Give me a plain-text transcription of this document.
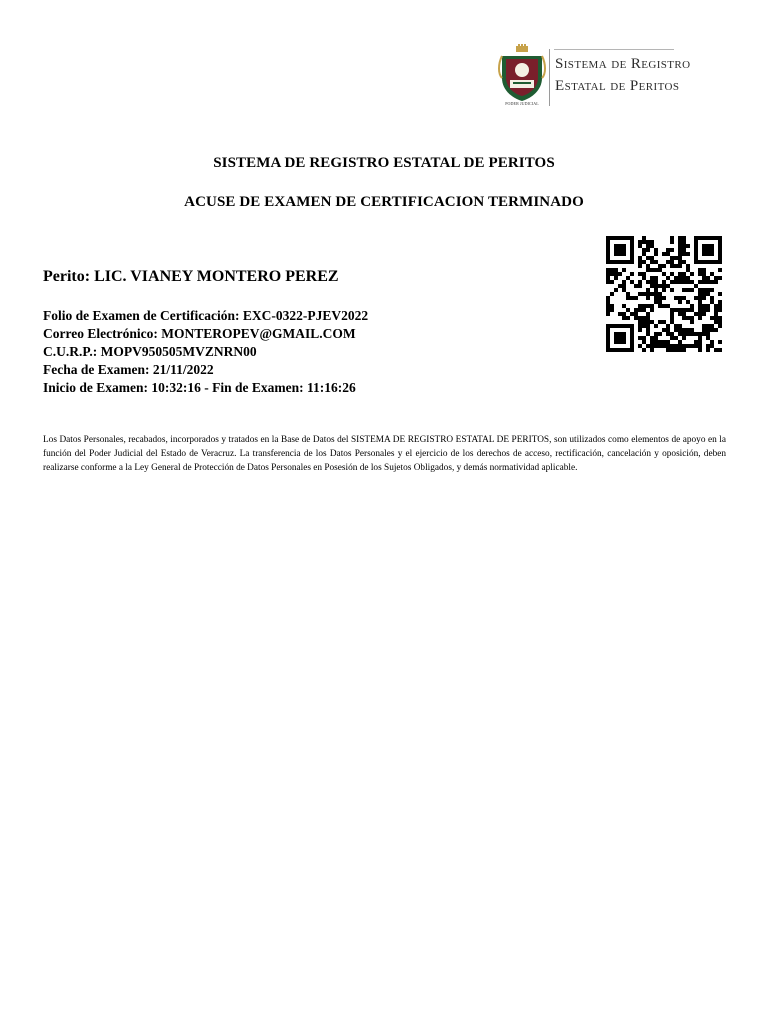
PODER JUDICIAL
Sistema de Registro
Estatal de Peritos
SISTEMA DE REGISTRO ESTATAL DE PERITOS
ACUSE DE EXAMEN DE CERTIFICACION TERMINADO
Perito: LIC. VIANEY MONTERO PEREZ
Folio de Examen de Certificación: EXC-0322-PJEV2022
Correo Electrónico: MONTEROPEV@GMAIL.COM
C.U.R.P.: MOPV950505MVZNRN00
Fecha de Examen: 21/11/2022
Inicio de Examen: 10:32:16 - Fin de Examen: 11:16:26
Los Datos Personales, recabados, incorporados y tratados en la Base de Datos del SISTEMA DE REGISTRO ESTATAL DE PERITOS, son utilizados como elementos de apoyo en la función del Poder Judicial del Estado de Veracruz. La transferencia de los Datos Personales y el ejercicio de los derechos de acceso, rectificación, cancelación y oposición, deben realizarse conforme a la Ley General de Protección de Datos Personales en Posesión de los Sujetos Obligados, y demás normatividad aplicable.
